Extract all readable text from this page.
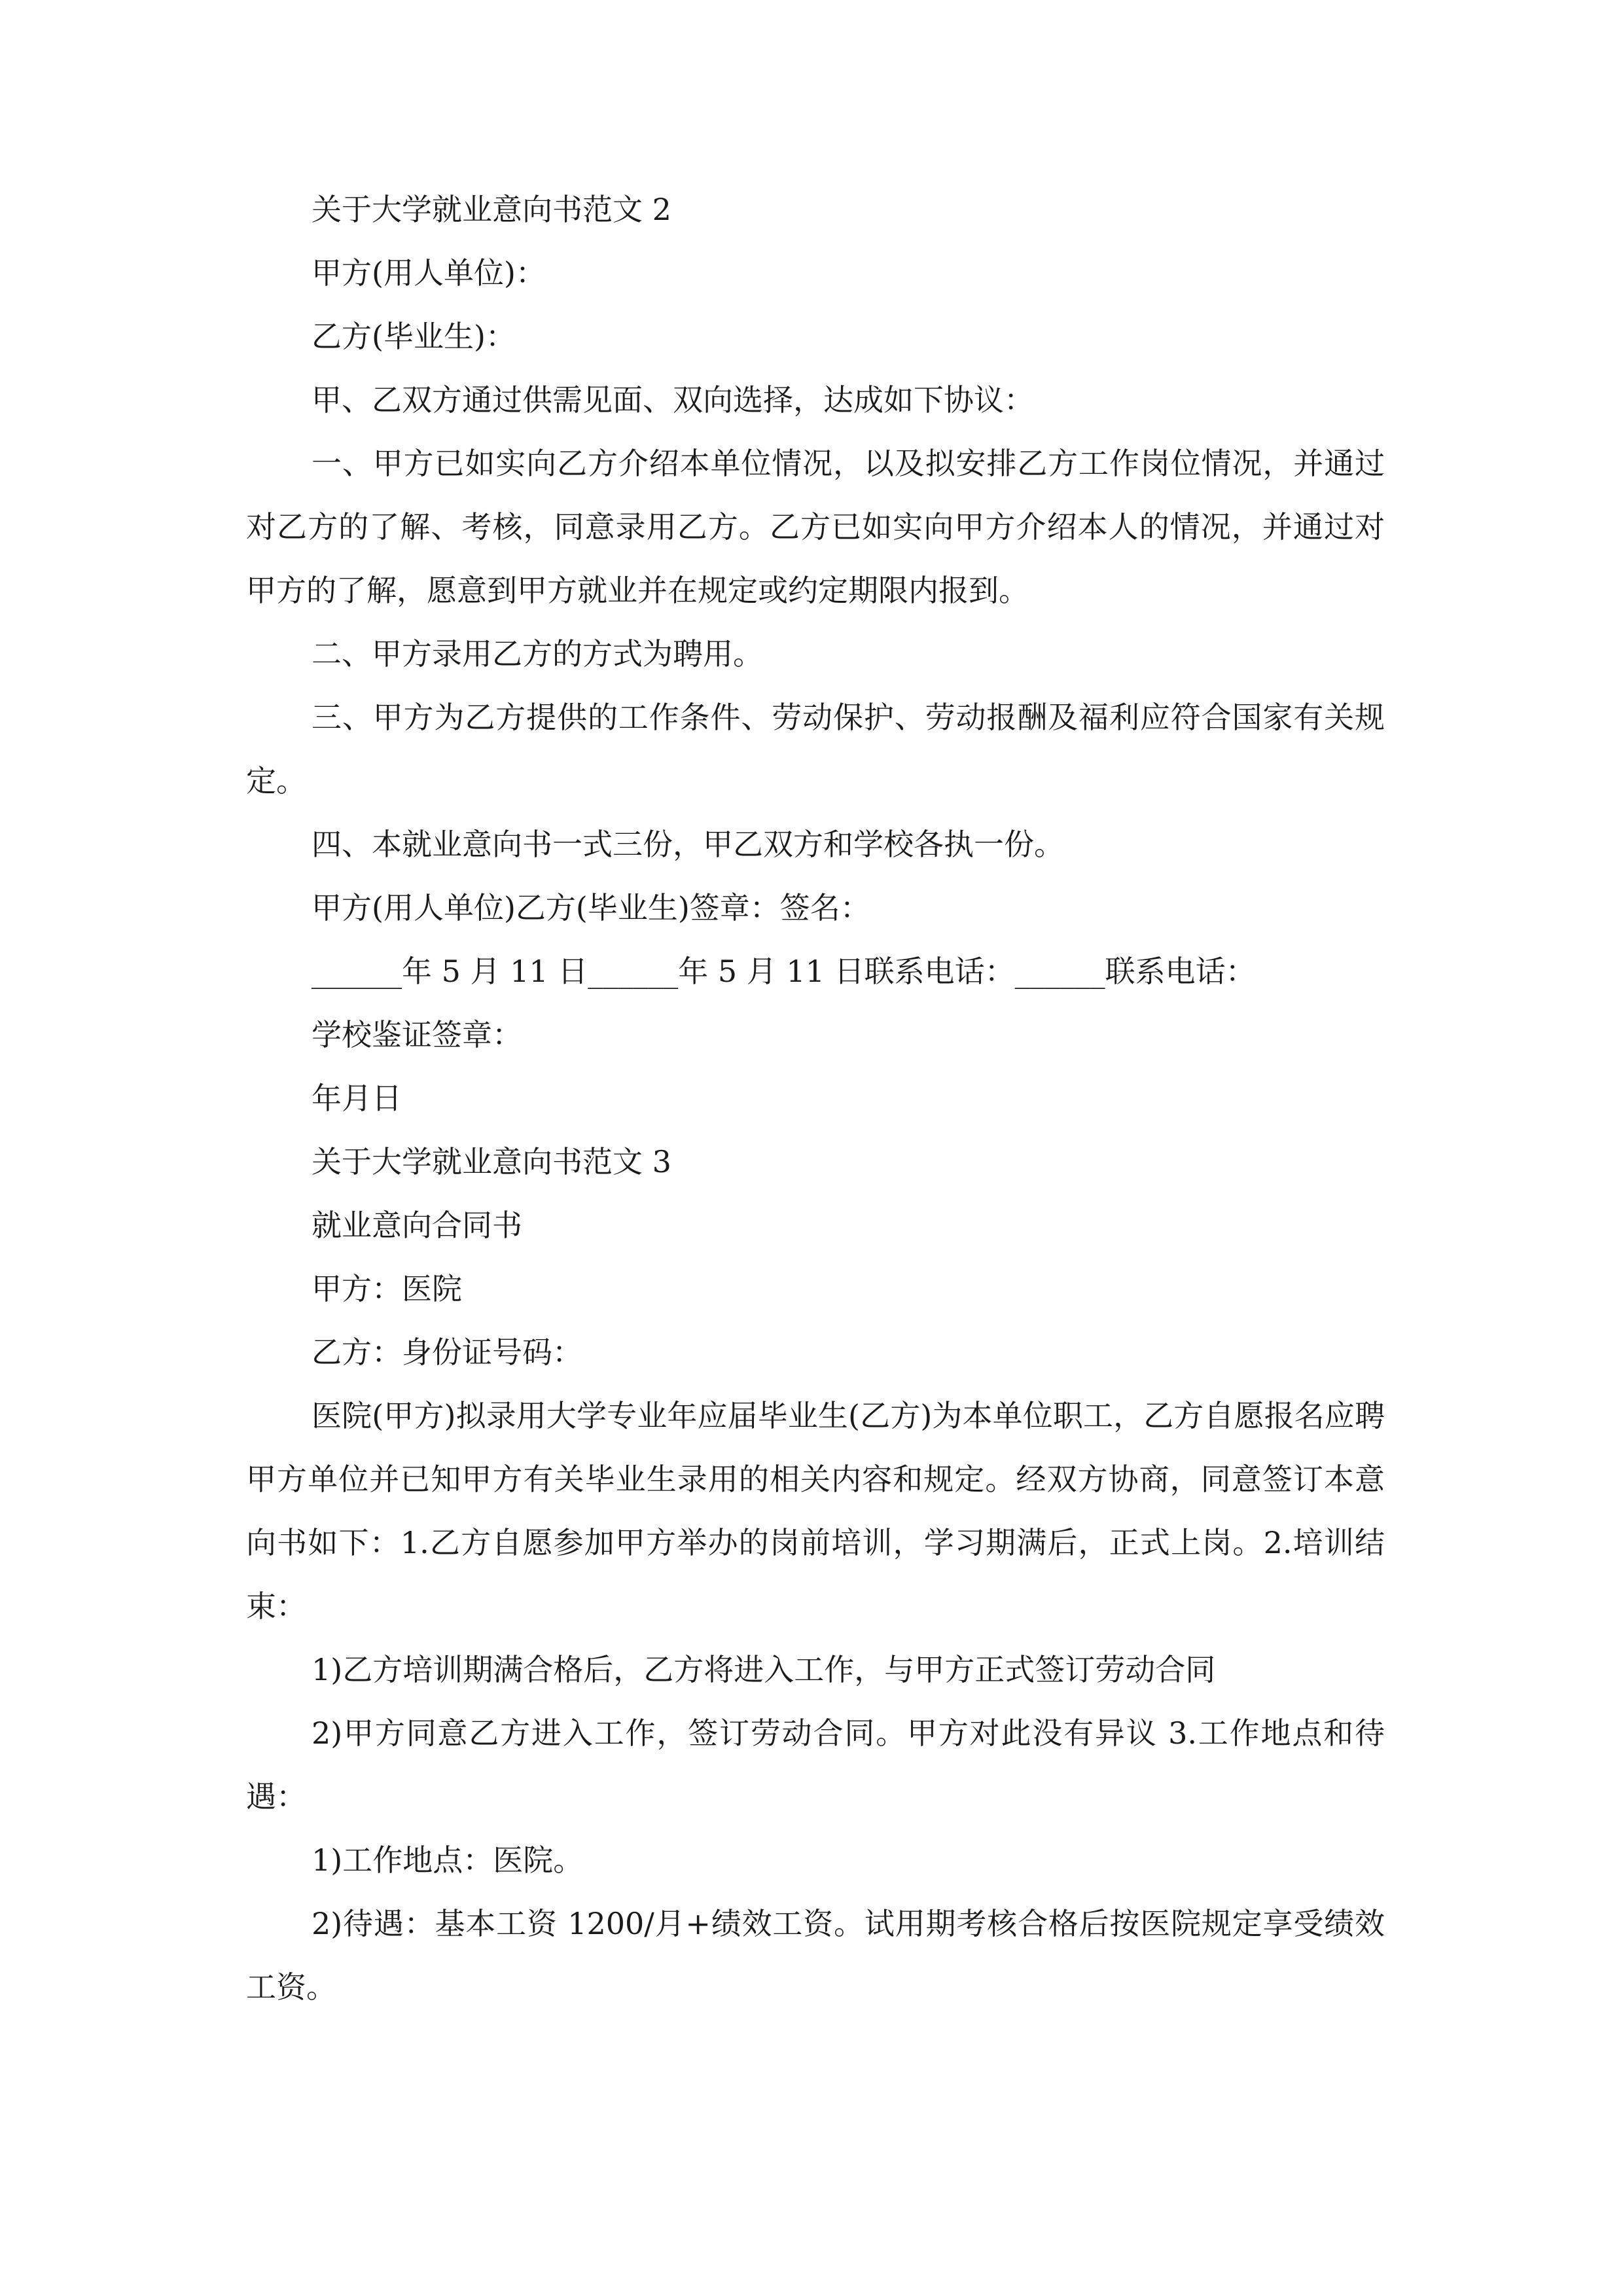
关于大学就业意向书范文 2

甲方(用人单位)：

乙方(毕业生)：

甲、乙双方通过供需见面、双向选择，达成如下协议：

一、甲方已如实向乙方介绍本单位情况，以及拟安排乙方工作岗位情况，并通过对乙方的了解、考核，同意录用乙方。乙方已如实向甲方介绍本人的情况，并通过对甲方的了解，愿意到甲方就业并在规定或约定期限内报到。

二、甲方录用乙方的方式为聘用。

三、甲方为乙方提供的工作条件、劳动保护、劳动报酬及福利应符合国家有关规定。

四、本就业意向书一式三份，甲乙双方和学校各执一份。

甲方(用人单位)乙方(毕业生)签章：签名：

______年 5 月 11 日______年 5 月 11 日联系电话：______联系电话：

学校鉴证签章：

年月日

关于大学就业意向书范文 3

就业意向合同书

甲方：医院

乙方：身份证号码：

医院(甲方)拟录用大学专业年应届毕业生(乙方)为本单位职工，乙方自愿报名应聘甲方单位并已知甲方有关毕业生录用的相关内容和规定。经双方协商，同意签订本意向书如下：1.乙方自愿参加甲方举办的岗前培训，学习期满后，正式上岗。2.培训结束：

1)乙方培训期满合格后，乙方将进入工作，与甲方正式签订劳动合同

2)甲方同意乙方进入工作，签订劳动合同。甲方对此没有异议 3.工作地点和待遇：

1)工作地点：医院。

2)待遇：基本工资 1200/月+绩效工资。试用期考核合格后按医院规定享受绩效工资。
